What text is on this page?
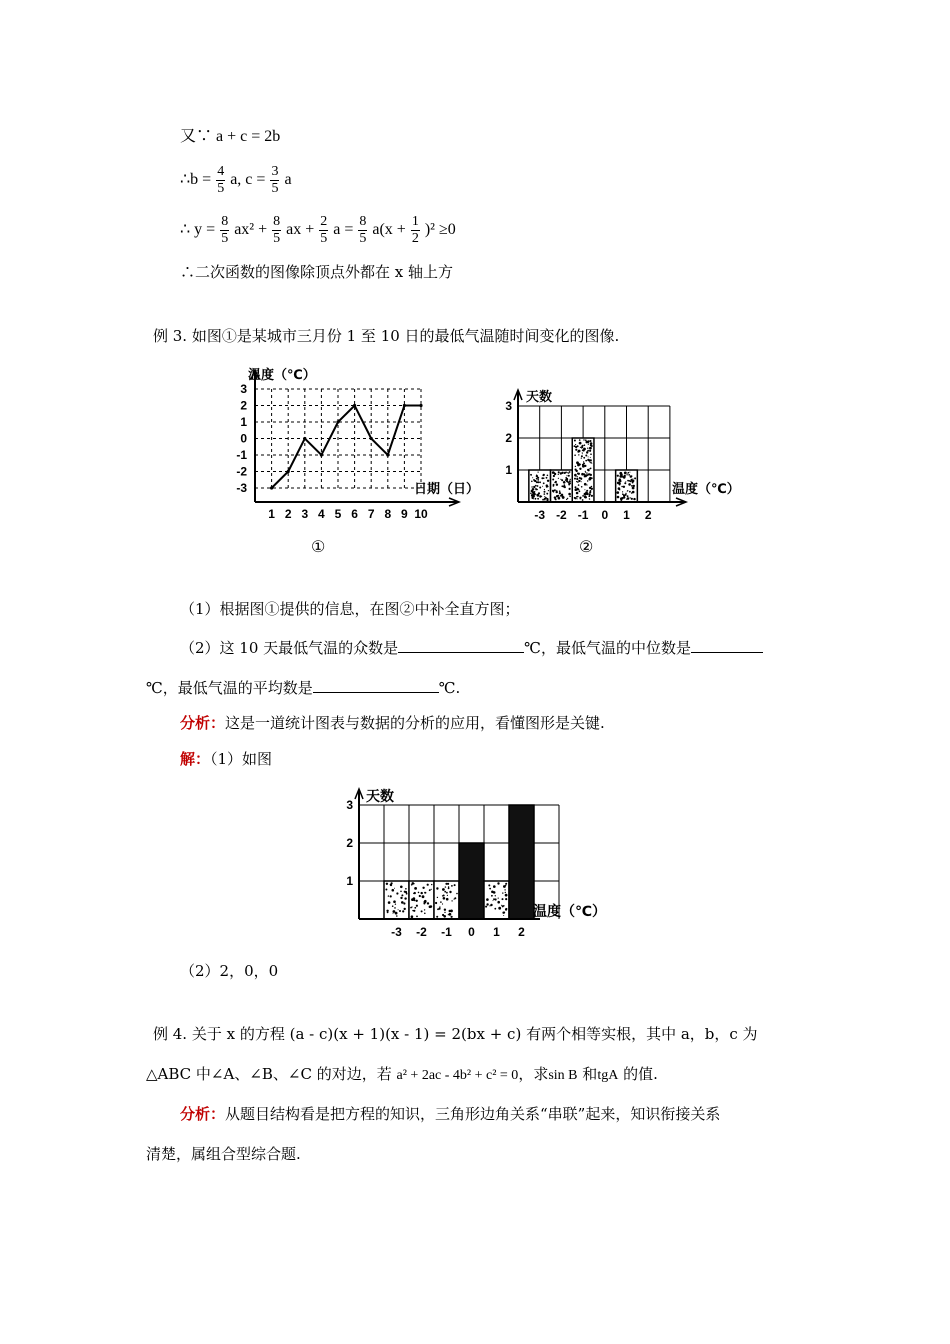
又∵ a + c = 2b
∴b = $\frac{4}{5} a$, $c = \frac{3}{5}$ a
∴ $y = \frac{8}{5} ax^2 + \frac{8}{5}$ ax + $\frac{2}{5}$ $a = \frac{8}{5} a(x + \frac{1}{2} )^2 \ge 0$
∴二次函数的图像除顶点外都在 x 轴上方
例 3. 如图①是某城市三月份 1 至 10 日的最低气温随时间变化的图像.
3
2
1
0
-1
-2
-3
1 2 3 4 5 6 7 8 9 10
温度（℃）
日期（日）
①
1
2
3
-3 -2 -1 0 1 2
天数
温度（℃）
②
（1）根据图①提供的信息，在图②中补全直方图；
（2）这 10 天最低气温的众数是	℃，最低气温的中位数是
℃，最低气温的平均数是	℃.
分析：这是一道统计图表与数据的分析的应用，看懂图形是关键.
解：（1）如图
1
2
3
-3 -2 -1 0 1 2
天数
温度（℃）
（2）2，0，0
例 4. 关于 x 的方程 (a - c)(x + 1)(x - 1) = 2(bx + c) 有两个相等实根，其中 a，b，c 为
△ABC 中∠A、∠B、∠C 的对边，若 a² + 2ac - 4b² + c² = 0，求sin B 和tgA 的值.
分析：从题目结构看是把方程的知识，三角形边角关系“串联”起来，知识衔接关系
清楚，属组合型综合题.
